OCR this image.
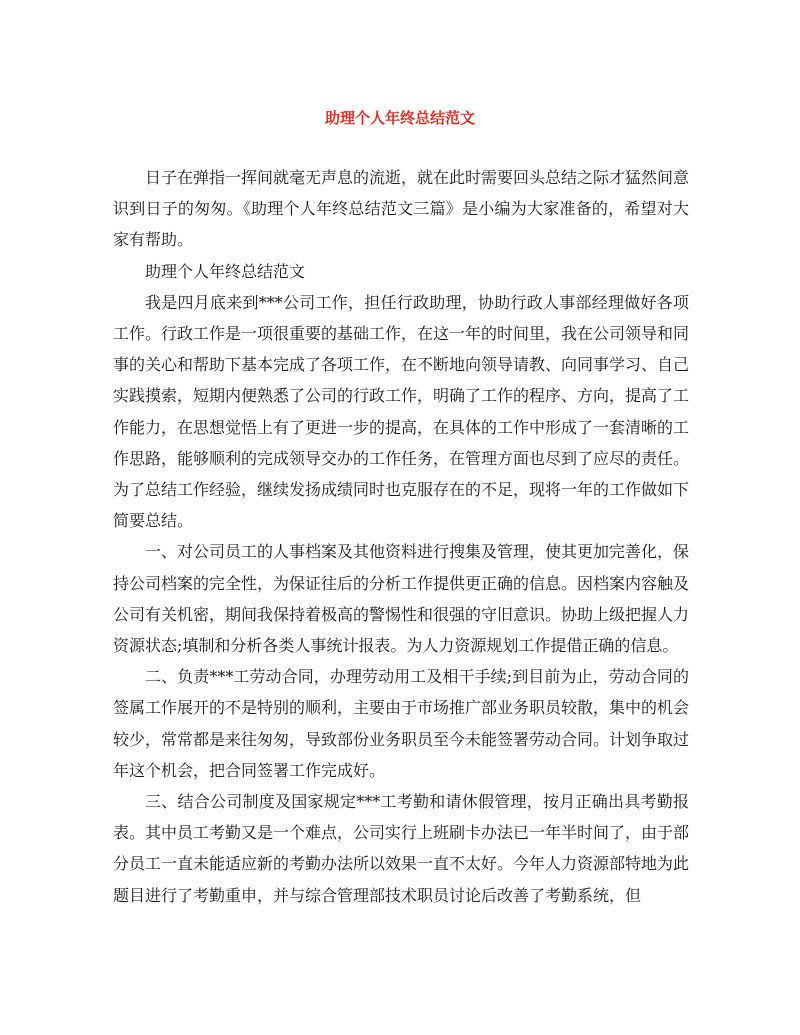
助理个人年终总结范文

日子在弹指一挥间就毫无声息的流逝，就在此时需要回头总结之际才猛然间意识到日子的匆匆。《助理个人年终总结范文三篇》是小编为大家准备的，希望对大家有帮助。

助理个人年终总结范文

我是四月底来到***公司工作，担任行政助理，协助行政人事部经理做好各项工作。行政工作是一项很重要的基础工作，在这一年的时间里，我在公司领导和同事的关心和帮助下基本完成了各项工作，在不断地向领导请教、向同事学习、自己实践摸索，短期内便熟悉了公司的行政工作，明确了工作的程序、方向，提高了工作能力，在思想觉悟上有了更进一步的提高，在具体的工作中形成了一套清晰的工作思路，能够顺利的完成领导交办的工作任务，在管理方面也尽到了应尽的责任。为了总结工作经验，继续发扬成绩同时也克服存在的不足，现将一年的工作做如下简要总结。

一、对公司员工的人事档案及其他资料进行搜集及管理，使其更加完善化，保持公司档案的完全性，为保证往后的分析工作提供更正确的信息。因档案内容触及公司有关机密，期间我保持着极高的警惕性和很强的守旧意识。协助上级把握人力资源状态;填制和分析各类人事统计报表。为人力资源规划工作提借正确的信息。

二、负责***工劳动合同，办理劳动用工及相干手续;到目前为止，劳动合同的签属工作展开的不是特别的顺利，主要由于市场推广部业务职员较散，集中的机会较少，常常都是来往匆匆，导致部份业务职员至今未能签署劳动合同。计划争取过年这个机会，把合同签署工作完成好。

三、结合公司制度及国家规定***工考勤和请休假管理，按月正确出具考勤报表。其中员工考勤又是一个难点，公司实行上班刷卡办法已一年半时间了，由于部分员工一直未能适应新的考勤办法所以效果一直不太好。今年人力资源部特地为此题目进行了考勤重申，并与综合管理部技术职员讨论后改善了考勤系统，但
